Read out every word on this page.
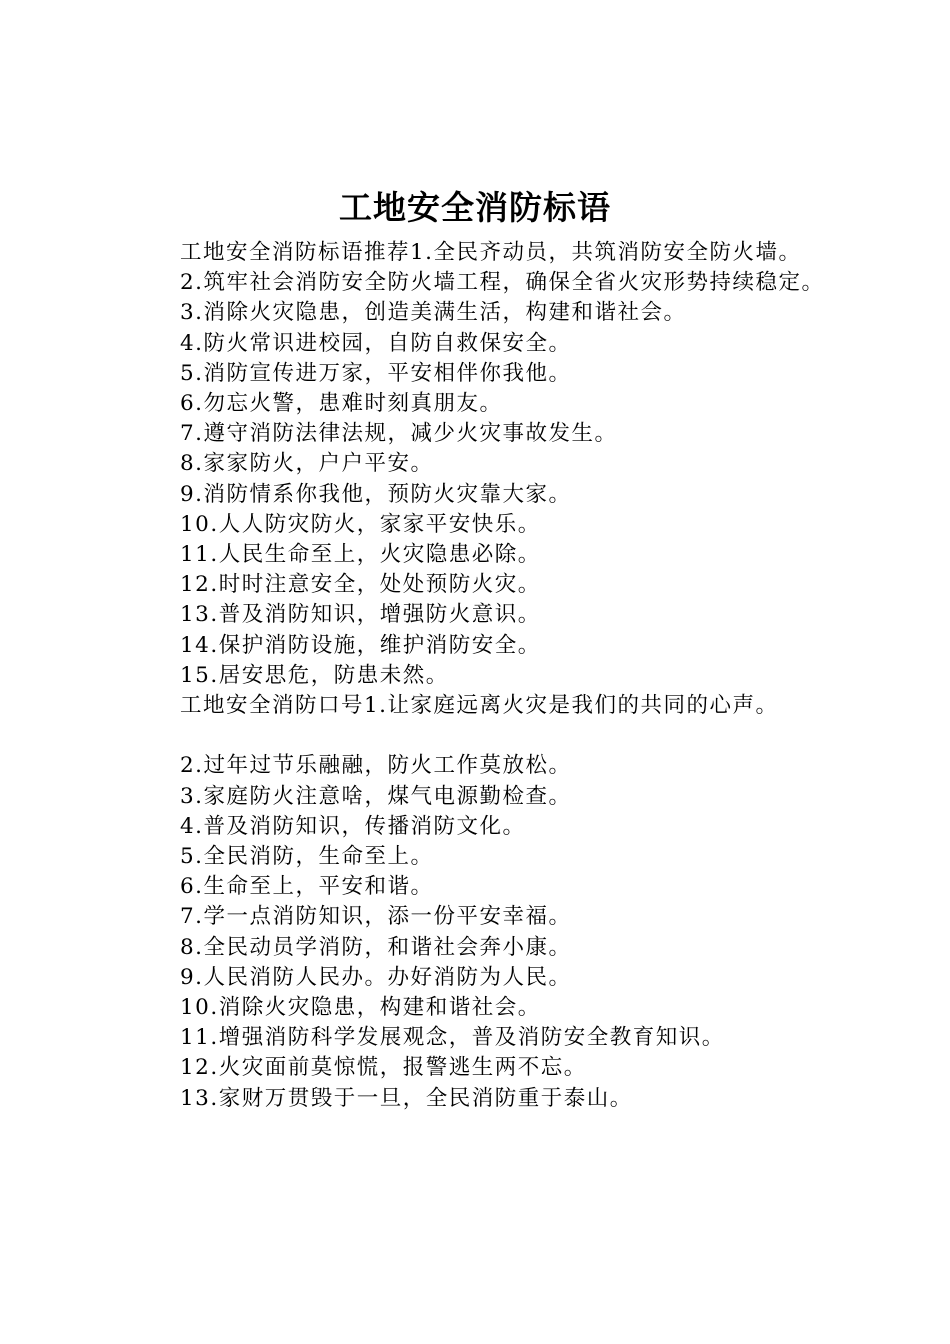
工地安全消防标语

工地安全消防标语推荐1.全民齐动员，共筑消防安全防火墙。

2.筑牢社会消防安全防火墙工程，确保全省火灾形势持续稳定。

3.消除火灾隐患，创造美满生活，构建和谐社会。

4.防火常识进校园，自防自救保安全。

5.消防宣传进万家，平安相伴你我他。

6.勿忘火警，患难时刻真朋友。

7.遵守消防法律法规，减少火灾事故发生。

8.家家防火，户户平安。

9.消防情系你我他，预防火灾靠大家。

10.人人防灾防火，家家平安快乐。

11.人民生命至上，火灾隐患必除。

12.时时注意安全，处处预防火灾。

13.普及消防知识，增强防火意识。

14.保护消防设施，维护消防安全。

15.居安思危，防患未然。

工地安全消防口号1.让家庭远离火灾是我们的共同的心声。

2.过年过节乐融融，防火工作莫放松。

3.家庭防火注意啥，煤气电源勤检查。

4.普及消防知识，传播消防文化。

5.全民消防，生命至上。

6.生命至上，平安和谐。

7.学一点消防知识，添一份平安幸福。

8.全民动员学消防，和谐社会奔小康。

9.人民消防人民办。办好消防为人民。

10.消除火灾隐患，构建和谐社会。

11.增强消防科学发展观念，普及消防安全教育知识。

12.火灾面前莫惊慌，报警逃生两不忘。

13.家财万贯毁于一旦，全民消防重于泰山。
